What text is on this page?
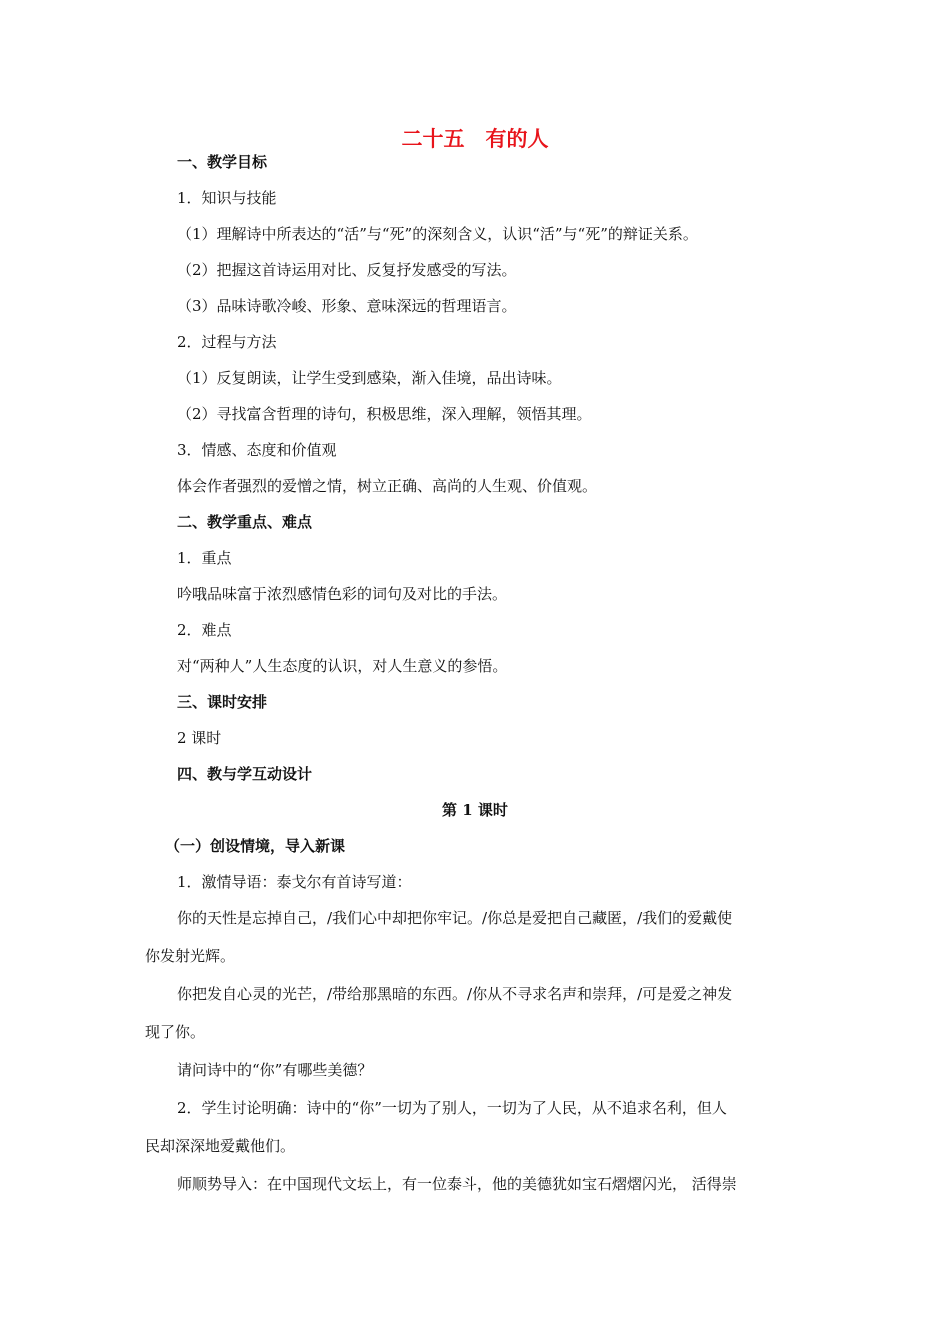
二十五　有的人
一、教学目标
1．知识与技能
（1）理解诗中所表达的“活”与“死”的深刻含义，认识“活”与“死”的辩证关系。
（2）把握这首诗运用对比、反复抒发感受的写法。
（3）品味诗歌冷峻、形象、意味深远的哲理语言。
2．过程与方法
（1）反复朗读，让学生受到感染，渐入佳境，品出诗味。
（2）寻找富含哲理的诗句，积极思维，深入理解，领悟其理。
3．情感、态度和价值观
体会作者强烈的爱憎之情，树立正确、高尚的人生观、价值观。
二、教学重点、难点
1．重点
吟哦品味富于浓烈感情色彩的词句及对比的手法。
2．难点
对“两种人”人生态度的认识，对人生意义的参悟。
三、课时安排
2 课时
四、教与学互动设计
第 1 课时
（一）创设情境，导入新课
1．激情导语：泰戈尔有首诗写道：
你的天性是忘掉自己，/我们心中却把你牢记。/你总是爱把自己藏匿，/我们的爱戴使
你发射光辉。
你把发自心灵的光芒，/带给那黑暗的东西。/你从不寻求名声和崇拜，/可是爱之神发
现了你。
请问诗中的“你”有哪些美德？
2．学生讨论明确：诗中的“你”一切为了别人，一切为了人民，从不追求名利，但人
民却深深地爱戴他们。
师顺势导入：在中国现代文坛上，有一位泰斗，他的美德犹如宝石熠熠闪光， 活得崇
